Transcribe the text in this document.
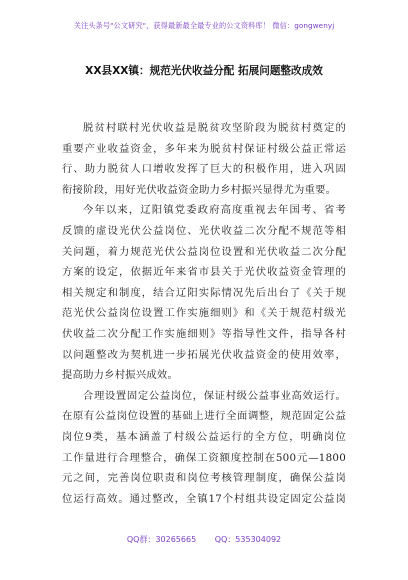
关注头条号"公文研究"，获得最新最全最专业的公文资料库！ 微信：gongwenyj
XX县XX镇：规范光伏收益分配 拓展问题整改成效
脱贫村联村光伏收益是脱贫攻坚阶段为脱贫村奠定的
重要产业收益资金，多年来为脱贫村保证村级公益正常运
行、助力脱贫人口增收发挥了巨大的积极作用，进入巩固
衔接阶段，用好光伏收益资金助力乡村振兴显得尤为重要。
今年以来，辽阳镇党委政府高度重视去年国考、省考
反馈的虚设光伏公益岗位、光伏收益二次分配不规范等相
关问题，着力规范光伏公益岗位设置和光伏收益二次分配
方案的设定，依据近年来省市县关于光伏收益资金管理的
相关规定和制度，结合辽阳实际情况先后出台了《关于规
范光伏公益岗位设置工作实施细则》和《关于规范村级光
伏收益二次分配工作实施细则》等指导性文件，指导各村
以问题整改为契机进一步拓展光伏收益资金的使用效率，
提高助力乡村振兴成效。
合理设置固定公益岗位，保证村级公益事业高效运行。
在原有公益岗位设置的基础上进行全面调整，规范固定公益
岗位9类，基本涵盖了村级公益运行的全方位，明确岗位
工作量进行合理整合，确保工资额度控制在500元—1800
元之间，完善岗位职责和岗位考核管理制度，确保公益岗
位运行高效。通过整改，全镇17个村组共设定固定公益岗
QQ群：30265665 QQ：535304092
